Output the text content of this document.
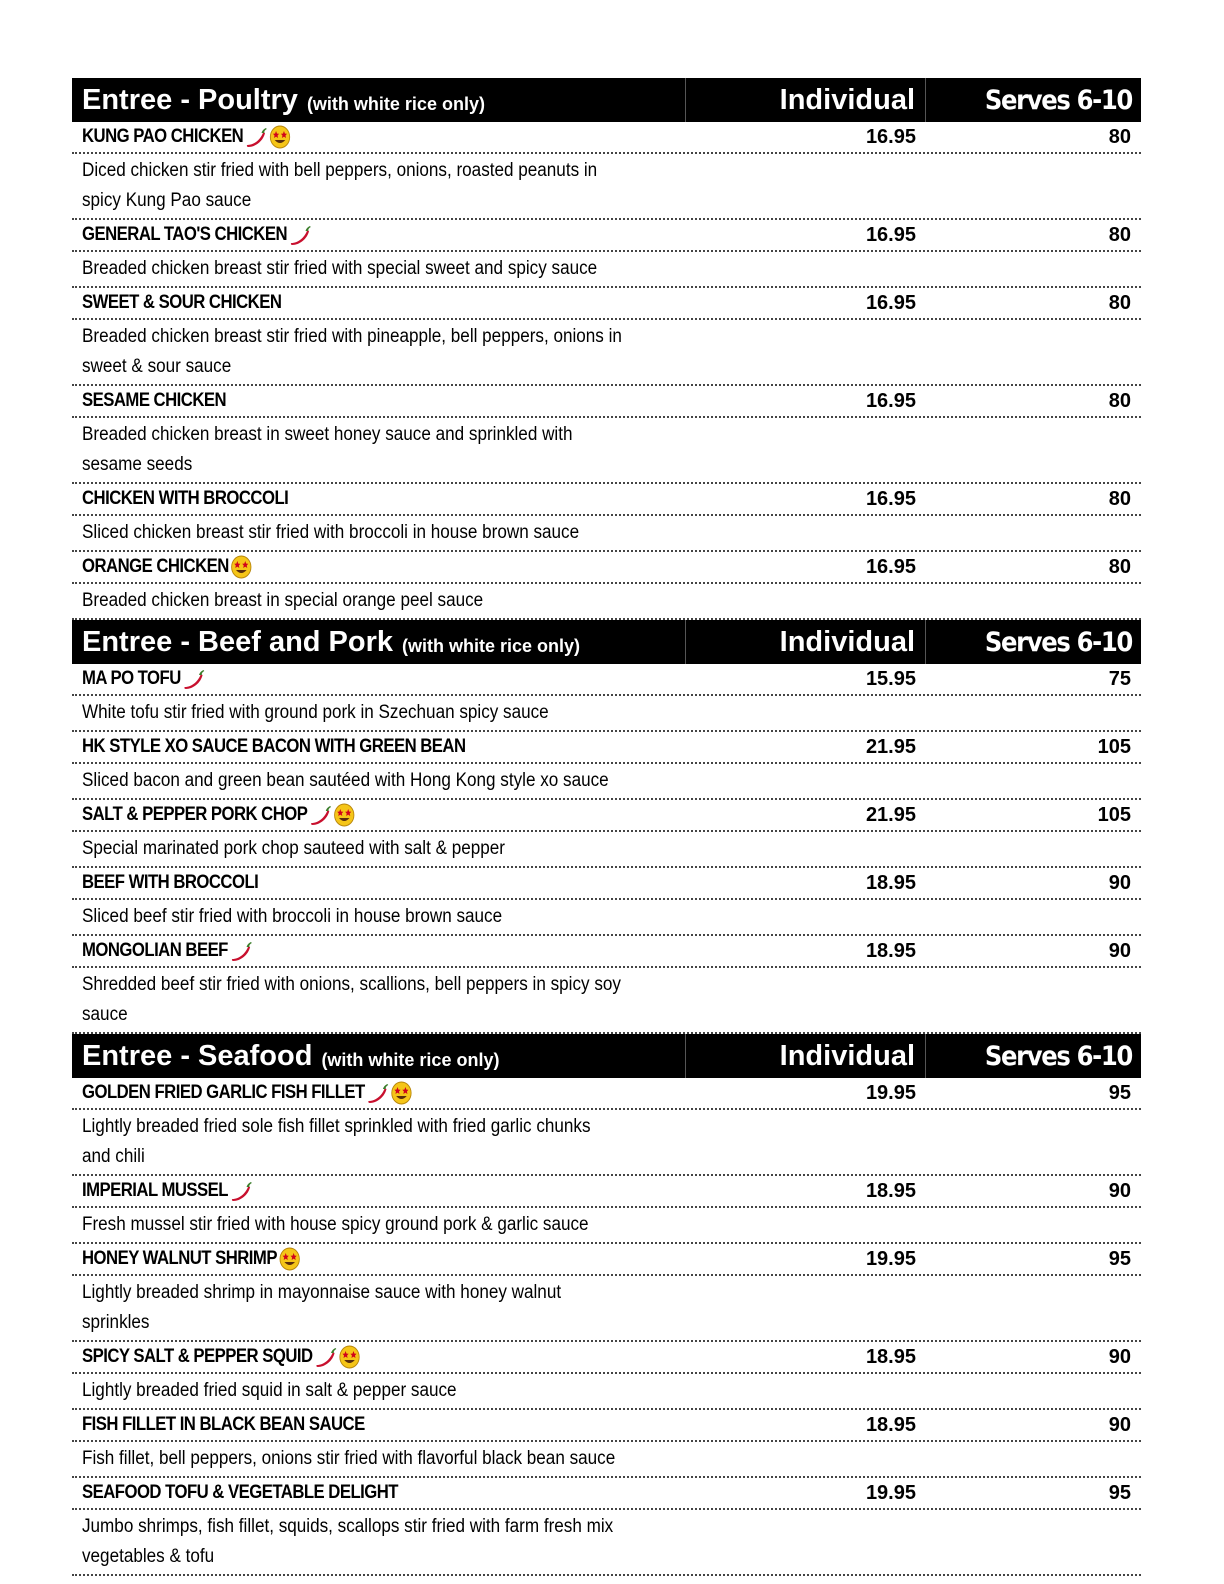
Entree - Poultry (with white rice only)	Individual	Serves 6-10
KUNG PAO CHICKEN	16.95	80
Diced chicken stir fried with bell peppers, onions, roasted peanuts in spicy Kung Pao sauce
GENERAL TAO'S CHICKEN	16.95	80
Breaded chicken breast stir fried with special sweet and spicy sauce
SWEET & SOUR CHICKEN	16.95	80
Breaded chicken breast stir fried with pineapple, bell peppers, onions in sweet & sour sauce
SESAME CHICKEN	16.95	80
Breaded chicken breast in sweet honey sauce and sprinkled with sesame seeds
CHICKEN WITH BROCCOLI	16.95	80
Sliced chicken breast stir fried with broccoli in house brown sauce
ORANGE CHICKEN	16.95	80
Breaded chicken breast in special orange peel sauce
Entree - Beef and Pork (with white rice only)	Individual	Serves 6-10
MA PO TOFU	15.95	75
White tofu stir fried with ground pork in Szechuan spicy sauce
HK STYLE XO SAUCE BACON WITH GREEN BEAN	21.95	105
Sliced bacon and green bean sautéed with Hong Kong style xo sauce
SALT & PEPPER PORK CHOP	21.95	105
Special marinated pork chop sauteed with salt & pepper
BEEF WITH BROCCOLI	18.95	90
Sliced beef stir fried with broccoli in house brown sauce
MONGOLIAN BEEF	18.95	90
Shredded beef stir fried with onions, scallions, bell peppers in spicy soy sauce
Entree - Seafood (with white rice only)	Individual	Serves 6-10
GOLDEN FRIED GARLIC FISH FILLET	19.95	95
Lightly breaded fried sole fish fillet sprinkled with fried garlic chunks and chili
IMPERIAL MUSSEL	18.95	90
Fresh mussel stir fried with house spicy ground pork & garlic sauce
HONEY WALNUT SHRIMP	19.95	95
Lightly breaded shrimp in mayonnaise sauce with honey walnut sprinkles
SPICY SALT & PEPPER SQUID	18.95	90
Lightly breaded fried squid in salt & pepper sauce
FISH FILLET IN BLACK BEAN SAUCE	18.95	90
Fish fillet, bell peppers, onions stir fried with flavorful black bean sauce
SEAFOOD TOFU & VEGETABLE DELIGHT	19.95	95
Jumbo shrimps, fish fillet, squids, scallops stir fried with farm fresh mix vegetables & tofu
